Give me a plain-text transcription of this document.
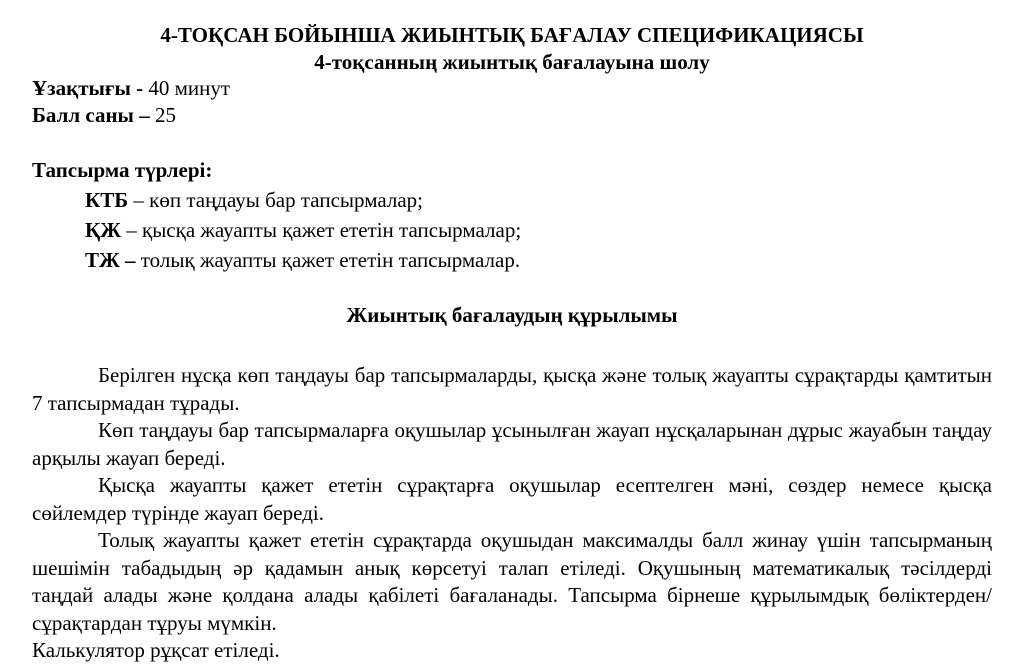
4-ТОҚСАН БОЙЫНША ЖИЫНТЫҚ БАҒАЛАУ СПЕЦИФИКАЦИЯСЫ
4-тоқсанның жиынтық бағалауына шолу
Ұзақтығы - 40 минут
Балл саны – 25
Тапсырма түрлері:
КТБ – көп таңдауы бар тапсырмалар;
ҚЖ – қысқа жауапты қажет ететін тапсырмалар;
ТЖ – толық жауапты қажет ететін тапсырмалар.
Жиынтық бағалаудың құрылымы

Берілген нұсқа көп таңдауы бар тапсырмаларды, қысқа және толық жауапты сұрақтарды қамтитын 7 тапсырмадан тұрады.

Көп таңдауы бар тапсырмаларға оқушылар ұсынылған жауап нұсқаларынан дұрыс жауабын таңдау арқылы жауап береді.

Қысқа жауапты қажет ететін сұрақтарға оқушылар есептелген мәні, сөздер немесе қысқа сөйлемдер түрінде жауап береді.

Толық жауапты қажет ететін сұрақтарда оқушыдан максималды балл жинау үшін тапсырманың шешімін табадыдың әр қадамын анық көрсетуі талап етіледі. Оқушының математикалық тәсілдерді таңдай алады және қолдана алады қабілеті бағаланады. Тапсырма бірнеше құрылымдық бөліктерден/сұрақтардан тұруы мүмкін.

Калькулятор рұқсат етіледі.
